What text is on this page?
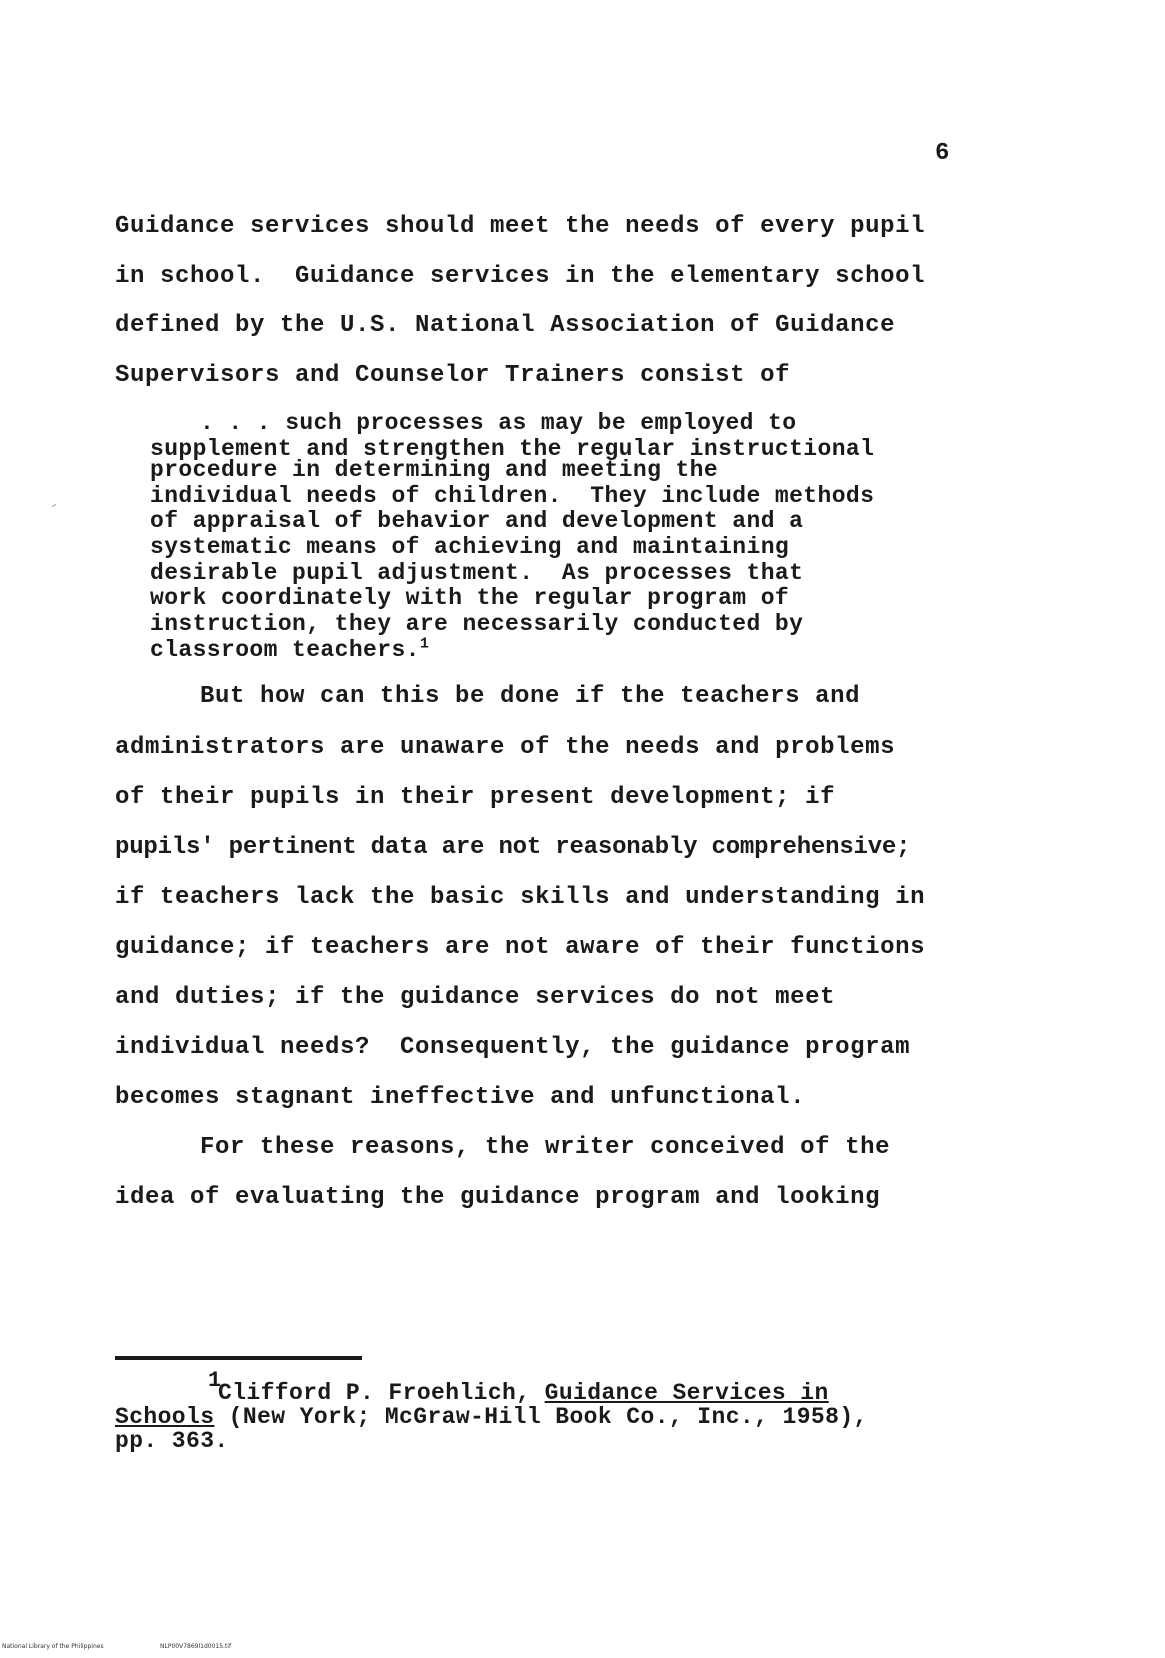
6
Guidance services should meet the needs of every pupil
in school.  Guidance services in the elementary school
defined by the U.S. National Association of Guidance
Supervisors and Counselor Trainers consist of
. . . such processes as may be employed to
supplement and strengthen the regular instructional
procedure in determining and meeting the
individual needs of children.  They include methods
of appraisal of behavior and development and a
systematic means of achieving and maintaining
desirable pupil adjustment.  As processes that
work coordinately with the regular program of
instruction, they are necessarily conducted by
classroom teachers.$^1$
But how can this be done if the teachers and
administrators are unaware of the needs and problems
of their pupils in their present development; if
pupils' pertinent data are not reasonably comprehensive;
if teachers lack the basic skills and understanding in
guidance; if teachers are not aware of their functions
and duties; if the guidance services do not meet
individual needs?  Consequently, the guidance program
becomes stagnant ineffective and unfunctional.
For these reasons, the writer conceived of the
idea of evaluating the guidance program and looking
1
Clifford P. Froehlich, Guidance Services in
Schools (New York; McGraw-Hill Book Co., Inc., 1958),
pp. 363.
National Library of the Philippines	NLP00V7869l1d0015.tif
